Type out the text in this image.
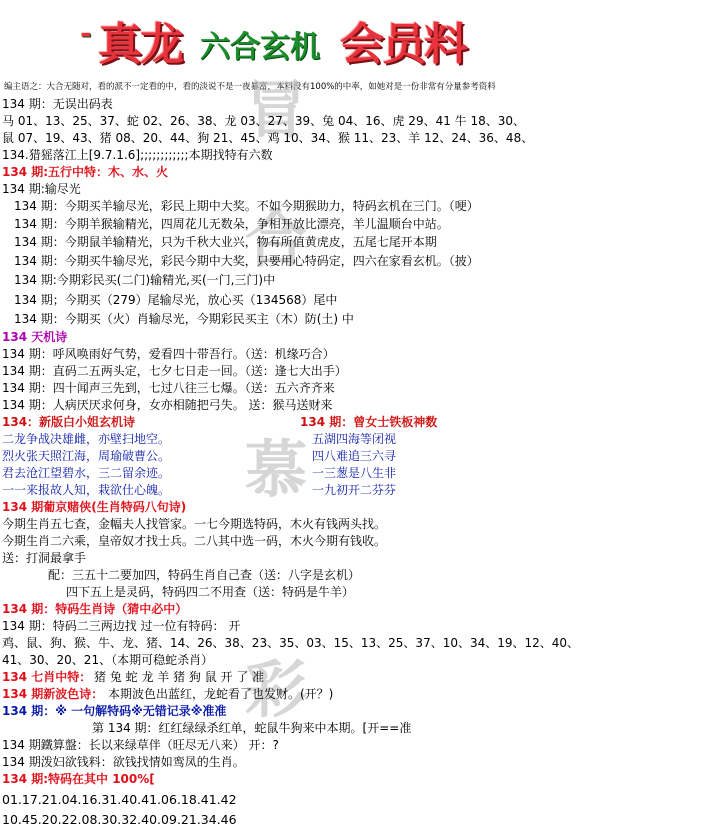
- 真龙 六合玄机 会员料
编主语之：大合无随对，看的派不一定看的中，看的淡说不是一夜暴富，本料没有100%的中率，如她对是一份非常有分量参考资料
冒
合
慕
彩
134 期：无误出码表
马 01、13、25、37、蛇 02、26、38、龙 03、27、39、兔 04、16、虎 29、41 牛 18、30、
鼠 07、19、43、猪 08、20、44、狗 21、45、鸡 10、34、猴 11、23、羊 12、24、36、48、
134.猎猺落江上[9.7.1.6];;;;;;;;;;;;本期找特有六数
134 期:五行中特：木、水、火
134 期:输尽光
134 期：今期买羊输尽光，彩民上期中大奖。不如今期猴助力，特码玄机在三门。（哽）
134 期：今期羊猴输精光，四周花儿无数朵，争相开放比漂亮，羊儿温顺台中站。
134 期：今期鼠羊输精光，只为千秋大业兴，物有所值黄虎皮，五尾七尾开本期
134 期：今期买牛输尽光，彩民今期中大奖，只要用心特码定，四六在家看玄机。（披）
134 期:今期彩民买(二门)输精光,买(一门,三门)中
134 期；今期买（279）尾输尽光，放心买（134568）尾中
134 期：今期买（火）肖输尽光，今期彩民买主（木）防(土) 中
134 天机诗
134 期：呼风唤雨好气势，爱看四十带吾行。（送：机缘巧合）
134 期：直码二五两头定，七夕七日走一回。（送：逢七大出手）
134 期：四十闻声三先到，七过八往三七爆。（送：五六齐齐来
134 期：人病厌厌求何身，女亦相随把弓失。 送：猴马送财来
134：新版白小姐玄机诗	134 期：曾女士铁板神数
二龙争战决雄雌，亦壁扫地空。	五湖四海等闭视
烈火张天照江海，周瑜破曹公。	四八难追三六寻
君去沧江望碧水，三二留余迹。	一三葱是八生非
一一来报故人知，栽欲仕心魄。	一九初开二芬芬
134 期葡京赌侠(生肖特码八句诗)
今期生肖五七查，金幅夫人找管家。一七今期选特码，木火有钱两头找。
今期生肖二六乘，皇帝奴才找士兵。二八其中选一码，木火今期有钱收。
送：打洞最拿手
配：三五十二要加四，特码生肖自己查（送：八字是玄机）
四下五上是灵码，特码四二不用查（送：特码是牛羊）
134 期：特码生肖诗（猜中必中）
134 期：特码二三两边找 过一位有特码： 开
鸡、鼠、狗、猴、牛、龙、猪、14、26、38、23、35、03、15、13、25、37、10、34、19、12、40、
41、30、20、21、（本期可稳蛇杀肖）
134 七肖中特： 猪 兔 蛇 龙 羊 猪 狗 鼠 开 了 准
134 期新波色诗： 本期波色出蓝红，龙蛇看了也发财。(开？)
134 期：※ 一句解特码※无错记录※准准
第 134 期：红红绿绿杀红单，蛇鼠牛狗来中本期。[开==准
134 期鐵算盤：长以来绿草伴（旺尽无八来） 开：?
134 期泼妇欲钱料：欲钱找情如鸾凤的生肖。
134 期:特码在其中 100%[
01.17.21.04.16.31.40.41.06.18.41.42
10.45.20.22.08.30.32.40.09.21.34.46
